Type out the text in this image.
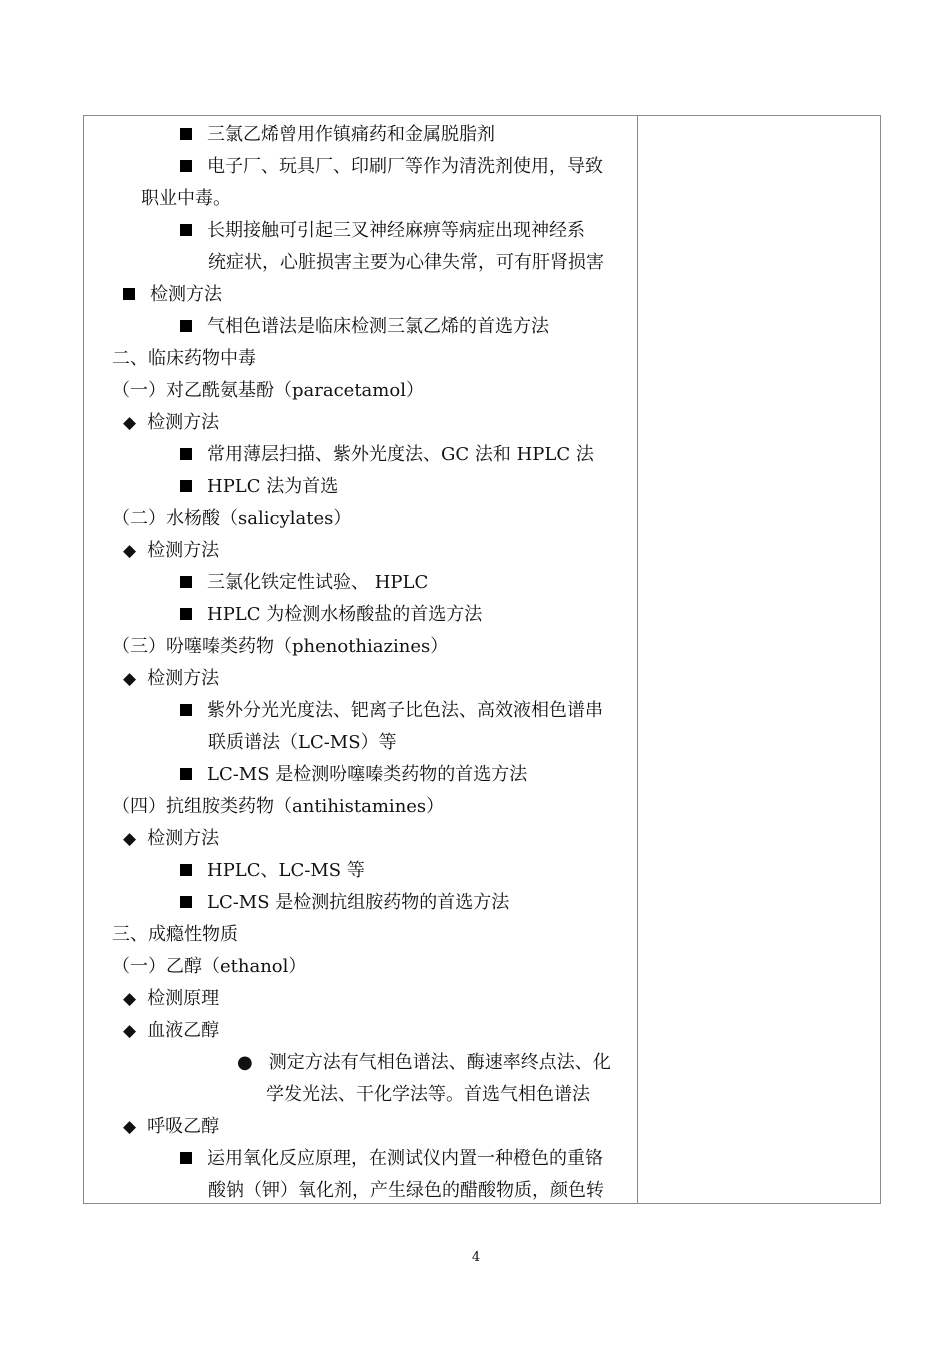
三氯乙烯曾用作镇痛药和金属脱脂剂
电子厂、玩具厂、印刷厂等作为清洗剂使用，导致
职业中毒。
长期接触可引起三叉神经麻痹等病症出现神经系
统症状，心脏损害主要为心律失常，可有肝肾损害
检测方法
气相色谱法是临床检测三氯乙烯的首选方法
二、临床药物中毒
（一）对乙酰氨基酚（paracetamol）
◆ 检测方法
常用薄层扫描、紫外光度法、GC 法和 HPLC 法
HPLC 法为首选
（二）水杨酸（salicylates）
◆ 检测方法
三氯化铁定性试验、 HPLC
HPLC 为检测水杨酸盐的首选方法
（三）吩噻嗪类药物（phenothiazines）
◆ 检测方法
紫外分光光度法、钯离子比色法、高效液相色谱串
联质谱法（LC-MS）等
LC-MS 是检测吩噻嗪类药物的首选方法
（四）抗组胺类药物（antihistamines）
◆ 检测方法
HPLC、LC-MS 等
LC-MS 是检测抗组胺药物的首选方法
三、成瘾性物质
（一）乙醇（ethanol）
◆ 检测原理
◆ 血液乙醇
● 测定方法有气相色谱法、酶速率终点法、化
学发光法、干化学法等。首选气相色谱法
◆ 呼吸乙醇
运用氧化反应原理，在测试仪内置一种橙色的重铬
酸钠（钾）氧化剂，产生绿色的醋酸物质，颜色转
4
